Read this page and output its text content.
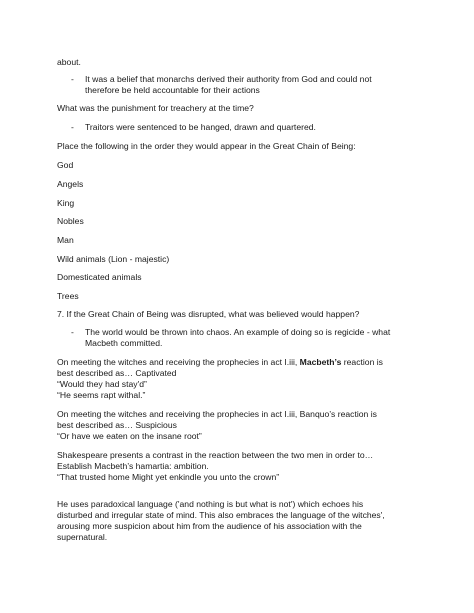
about.

- It was a belief that monarchs derived their authority from God and could not

therefore be held accountable for their actions

What was the punishment for treachery at the time?

- Traitors were sentenced to be hanged, drawn and quartered.

Place the following in the order they would appear in the Great Chain of Being:

God

Angels

King

Nobles

Man

Wild animals (Lion - majestic)

Domesticated animals

Trees

7. If the Great Chain of Being was disrupted, what was believed would happen?

- The world would be thrown into chaos. An example of doing so is regicide - what

Macbeth committed.

On meeting the witches and receiving the prophecies in act I.iii, Macbeth’s reaction is

best described as… Captivated

“Would they had stay'd”

“He seems rapt withal.”

On meeting the witches and receiving the prophecies in act I.iii, Banquo’s reaction is

best described as… Suspicious

“Or have we eaten on the insane root”

Shakespeare presents a contrast in the reaction between the two men in order to…

Establish Macbeth’s hamartia: ambition.

“That trusted home Might yet enkindle you unto the crown”

He uses paradoxical language ('and nothing is but what is not') which echoes his

disturbed and irregular state of mind. This also embraces the language of the witches',

arousing more suspicion about him from the audience of his association with the

supernatural.
